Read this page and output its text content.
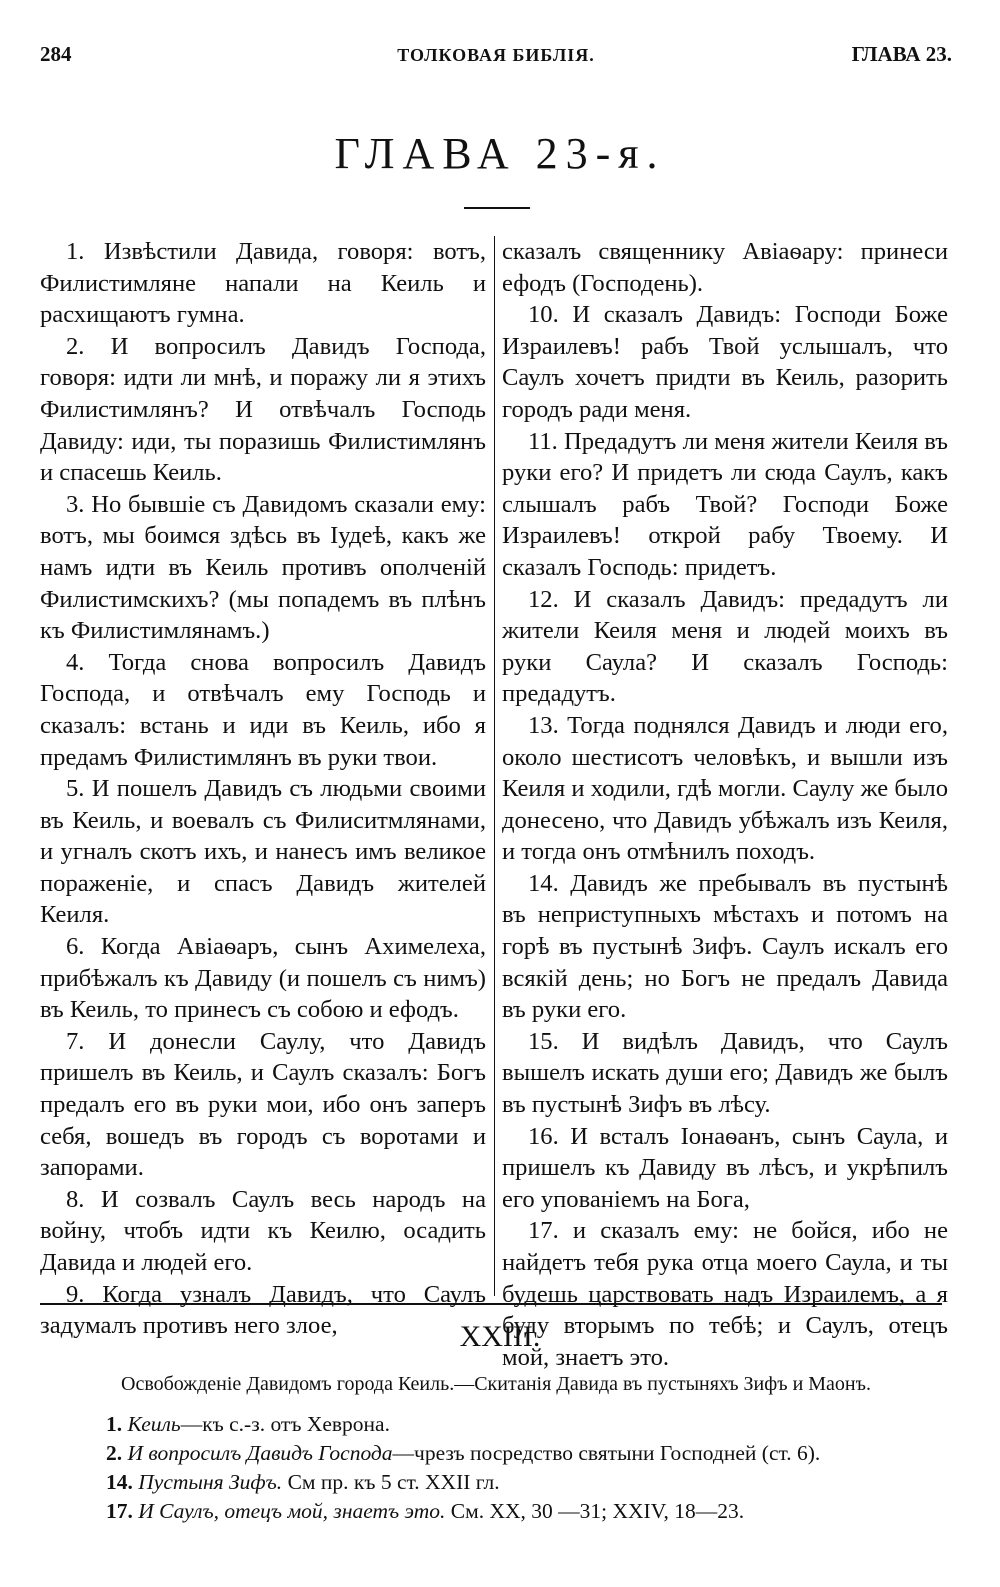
284	ТОЛКОВАЯ БИБЛІЯ.	ГЛАВА 23.
ГЛАВА 23-я.

1. Извѣстили Давида, говоря: вотъ, Филистимляне напали на Кеиль и расхищаютъ гумна.

2. И вопросилъ Давидъ Господа, говоря: идти ли мнѣ, и поражу ли я этихъ Филистимлянъ? И отвѣчалъ Господь Давиду: иди, ты поразишь Филистимлянъ и спасешь Кеиль.

3. Но бывшіе съ Давидомъ сказали ему: вотъ, мы боимся здѣсь въ Іудеѣ, какъ же намъ идти въ Кеиль противъ ополченій Филистимскихъ? (мы попадемъ въ плѣнъ къ Филистимлянамъ.)

4. Тогда снова вопросилъ Давидъ Господа, и отвѣчалъ ему Господь и сказалъ: встань и иди въ Кеиль, ибо я предамъ Филистимлянъ въ руки твои.

5. И пошелъ Давидъ съ людьми своими въ Кеиль, и воевалъ съ Филиситмлянами, и угналъ скотъ ихъ, и нанесъ имъ великое пораженіе, и спасъ Давидъ жителей Кеиля.

6. Когда Авіаѳаръ, сынъ Ахимелеха, прибѣжалъ къ Давиду (и пошелъ съ нимъ) въ Кеиль, то принесъ съ собою и ефодъ.

7. И донесли Саулу, что Давидъ пришелъ въ Кеиль, и Саулъ сказалъ: Богъ предалъ его въ руки мои, ибо онъ заперъ себя, вошедъ въ городъ съ воротами и запорами.

8. И созвалъ Саулъ весь народъ на войну, чтобъ идти къ Кеилю, осадить Давида и людей его.

9. Когда узналъ Давидъ, что Саулъ задумалъ противъ него злое,

сказалъ священнику Авіаѳару: принеси ефодъ (Господень).

10. И сказалъ Давидъ: Господи Боже Израилевъ! рабъ Твой услышалъ, что Саулъ хочетъ придти въ Кеиль, разорить городъ ради меня.

11. Предадутъ ли меня жители Кеиля въ руки его? И придетъ ли сюда Саулъ, какъ слышалъ рабъ Твой? Господи Боже Израилевъ! открой рабу Твоему. И сказалъ Господь: придетъ.

12. И сказалъ Давидъ: предадутъ ли жители Кеиля меня и людей моихъ въ руки Саула? И сказалъ Господь: предадутъ.

13. Тогда поднялся Давидъ и люди его, около шестисотъ человѣкъ, и вышли изъ Кеиля и ходили, гдѣ могли. Саулу же было донесено, что Давидъ убѣжалъ изъ Кеиля, и тогда онъ отмѣнилъ походъ.

14. Давидъ же пребывалъ въ пустынѣ въ неприступныхъ мѣстахъ и потомъ на горѣ въ пустынѣ Зифъ. Саулъ искалъ его всякій день; но Богъ не предалъ Давида въ руки его.

15. И видѣлъ Давидъ, что Саулъ вышелъ искать души его; Давидъ же былъ въ пустынѣ Зифъ въ лѣсу.

16. И всталъ Іонаѳанъ, сынъ Саула, и пришелъ къ Давиду въ лѣсъ, и укрѣпилъ его упованіемъ на Бога,

17. и сказалъ ему: не бойся, ибо не найдетъ тебя рука отца моего Саула, и ты будешь царствовать надъ Израилемъ, а я буду вторымъ по тебѣ; и Саулъ, отецъ мой, знаетъ это.

XXIII.
Освобожденіе Давидомъ города Кеиль.—Скитанія Давида въ пустыняхъ Зифъ и Маонъ.

1. Кеиль—къ с.-з. отъ Хеврона.

2. И вопросилъ Давидъ Господа—чрезъ посредство святыни Господней (ст. 6).

14. Пустыня Зифъ. См пр. къ 5 ст. XXII гл.

17. И Саулъ, отецъ мой, знаетъ это. См. XX, 30 —31; XXIV, 18—23.
